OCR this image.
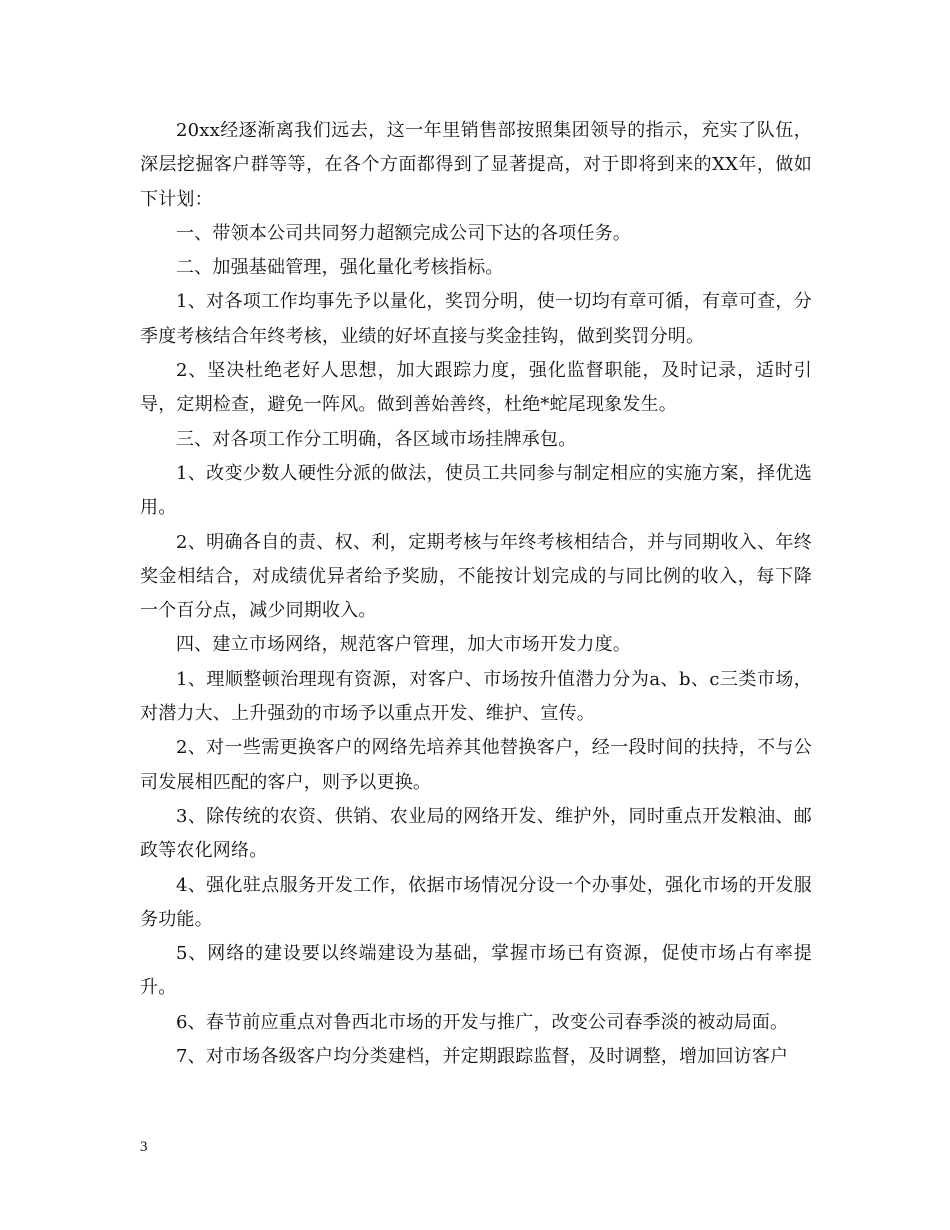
20xx经逐渐离我们远去，这一年里销售部按照集团领导的指示，充实了队伍，深层挖掘客户群等等，在各个方面都得到了显著提高，对于即将到来的XX年，做如下计划：

一、带领本公司共同努力超额完成公司下达的各项任务。

二、加强基础管理，强化量化考核指标。

1、对各项工作均事先予以量化，奖罚分明，使一切均有章可循，有章可查，分季度考核结合年终考核，业绩的好坏直接与奖金挂钩，做到奖罚分明。

2、坚决杜绝老好人思想，加大跟踪力度，强化监督职能，及时记录，适时引导，定期检查，避免一阵风。做到善始善终，杜绝*蛇尾现象发生。

三、对各项工作分工明确，各区域市场挂牌承包。

1、改变少数人硬性分派的做法，使员工共同参与制定相应的实施方案，择优选用。

2、明确各自的责、权、利，定期考核与年终考核相结合，并与同期收入、年终奖金相结合，对成绩优异者给予奖励，不能按计划完成的与同比例的收入，每下降一个百分点，减少同期收入。

四、建立市场网络，规范客户管理，加大市场开发力度。

1、理顺整顿治理现有资源，对客户、市场按升值潜力分为a、b、c三类市场，对潜力大、上升强劲的市场予以重点开发、维护、宣传。

2、对一些需更换客户的网络先培养其他替换客户，经一段时间的扶持，不与公司发展相匹配的客户，则予以更换。

3、除传统的农资、供销、农业局的网络开发、维护外，同时重点开发粮油、邮政等农化网络。

4、强化驻点服务开发工作，依据市场情况分设一个办事处，强化市场的开发服务功能。

5、网络的建设要以终端建设为基础，掌握市场已有资源，促使市场占有率提升。

6、春节前应重点对鲁西北市场的开发与推广，改变公司春季淡的被动局面。

7、对市场各级客户均分类建档，并定期跟踪监督，及时调整，增加回访客户

3
